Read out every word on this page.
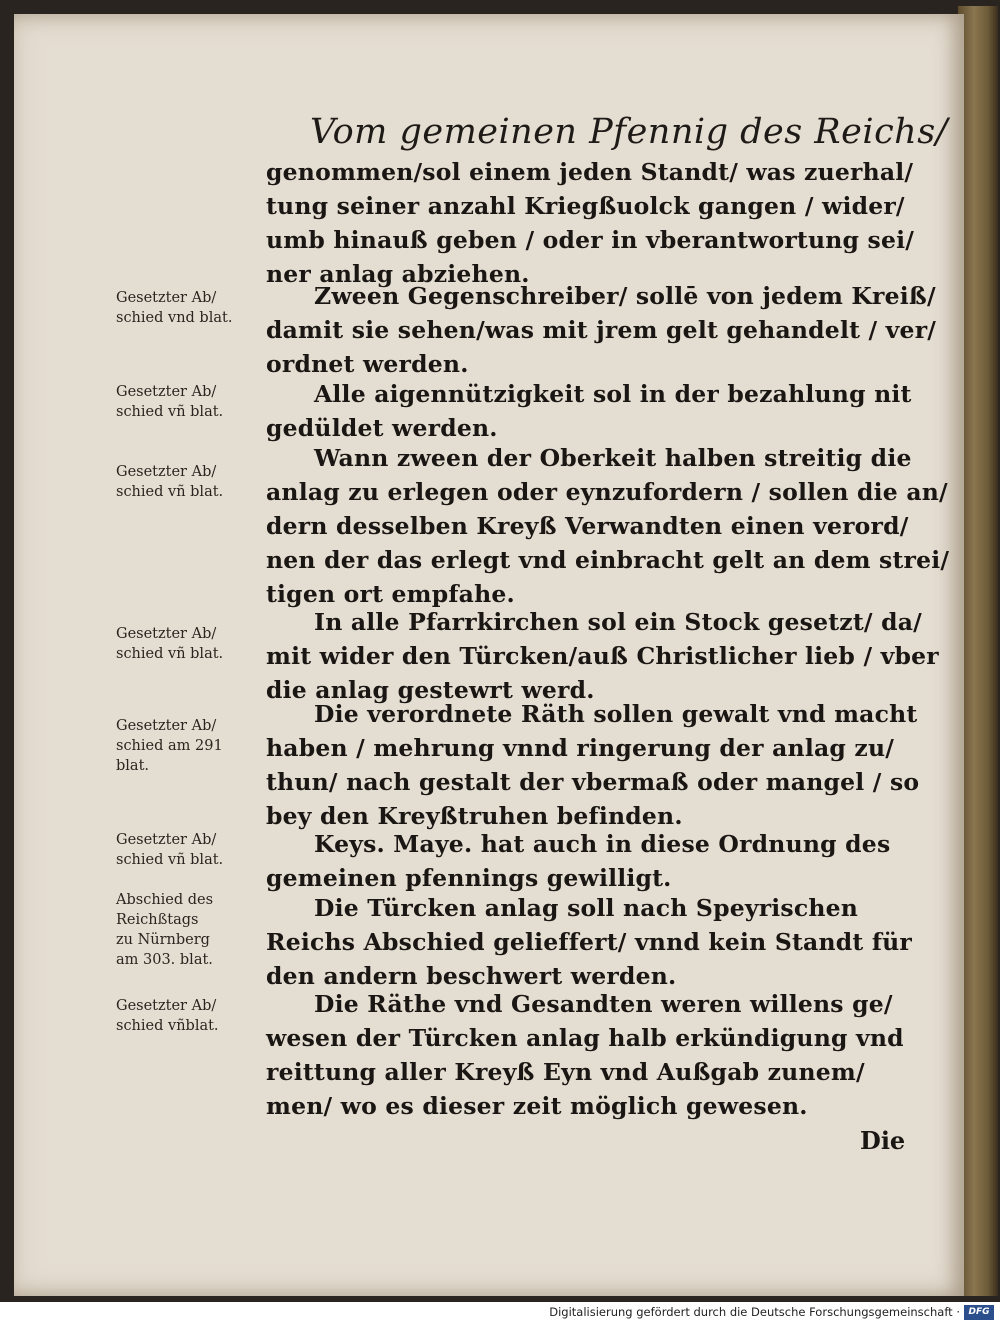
Vom gemeinen Pfennig des Reichs/
genommen/sol einem jeden Standt/ was zuerhal/
tung seiner anzahl Kriegßuolck gangen / wider/
umb hinauß geben / oder in vberantwortung sei/
ner anlag abziehen.
Zween Gegenschreiber/ sollē von jedem Kreiß/
damit sie sehen/was mit jrem gelt gehandelt / ver/
ordnet werden.
Alle aigennützigkeit sol in der bezahlung nit
gedüldet werden.
Wann zween der Oberkeit halben streitig die
anlag zu erlegen oder eynzufordern / sollen die an/
dern desselben Kreyß Verwandten einen verord/
nen der das erlegt vnd einbracht gelt an dem strei/
tigen ort empfahe.
In alle Pfarrkirchen sol ein Stock gesetzt/ da/
mit wider den Türcken/auß Christlicher lieb / vber
die anlag gestewrt werd.
Die verordnete Räth sollen gewalt vnd macht
haben / mehrung vnnd ringerung der anlag zu/
thun/ nach gestalt der vbermaß oder mangel / so
bey den Kreyßtruhen befinden.
Keys. Maye. hat auch in diese Ordnung des
gemeinen pfennings gewilligt.
Die Türcken anlag soll nach Speyrischen
Reichs Abschied gelieffert/ vnnd kein Standt für
den andern beschwert werden.
Die Räthe vnd Gesandten weren willens ge/
wesen der Türcken anlag halb erkündigung vnd
reittung aller Kreyß Eyn vnd Außgab zunem/
men/ wo es dieser zeit möglich gewesen.
Gesetzter Ab/
schied vnd blat.
Gesetzter Ab/
schied vñ blat.
Gesetzter Ab/
schied vñ blat.
Gesetzter Ab/
schied vñ blat.
Gesetzter Ab/
schied am 291
blat.
Gesetzter Ab/
schied vñ blat.
Abschied des
Reichßtags
zu Nürnberg
am 303. blat.
Gesetzter Ab/
schied vñblat.
Die
Digitalisierung gefördert durch die Deutsche Forschungsgemeinschaft · DFG
